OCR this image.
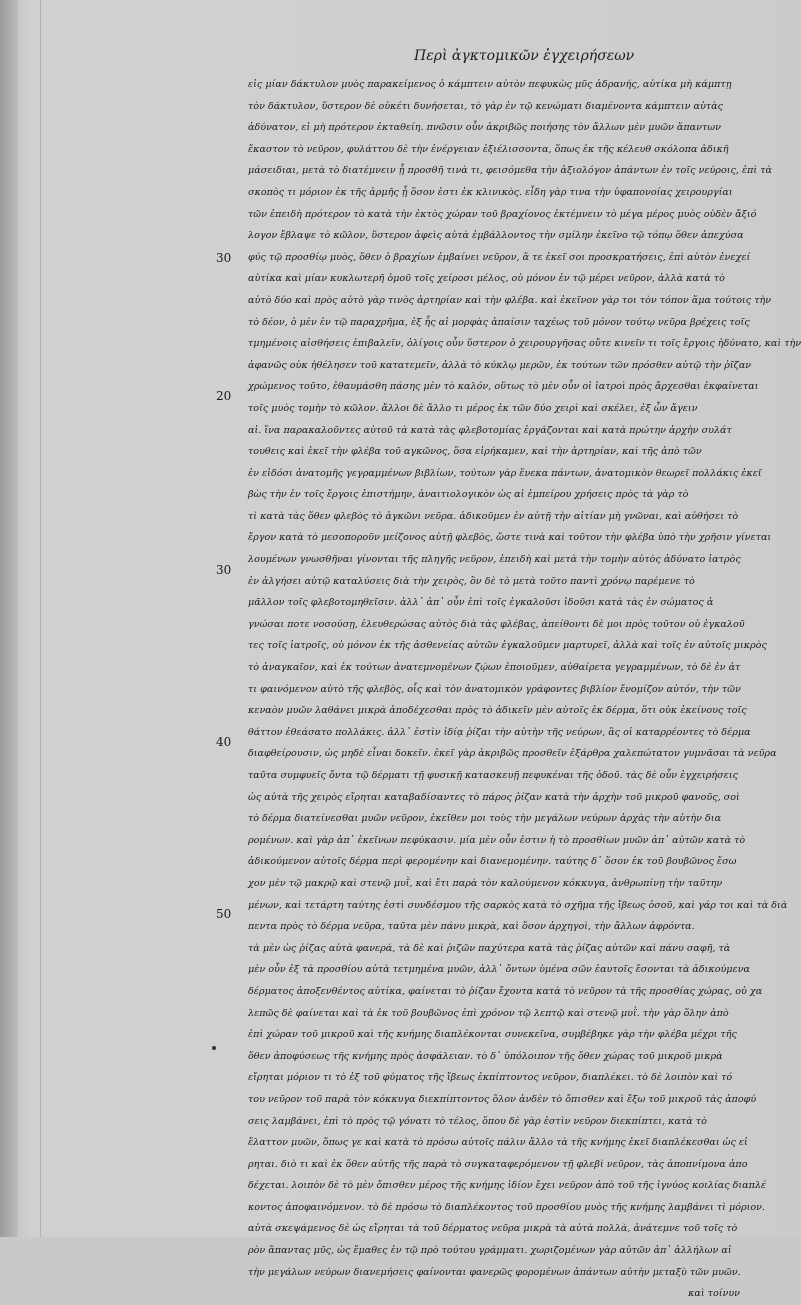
Περὶ ἀγκτομικῶν ἐγχειρήσεων
30
20
30
40
50
εἰς μίαν δάκτυλον μυὸς παρακείμενος ὁ κάμπτειν αὐτὸν πεφυκὼς μῦς ἀδρανής, αὐτίκα μὴ κάμπτῃ
τὸν δάκτυλον, ὕστερον δὲ οὐκέτι δυνήσεται, τὸ γὰρ ἐν τῷ κενώματι διαμένοντα κάμπτειν αὐτὰς
ἀδύνατον, εἰ μὴ πρότερον ἐκταθείη. πνῶσιν οὖν ἀκριβῶς ποιήσης τὸν ἄλλων μὲν μυῶν ἅπαντων
ἕκαστον τὸ νεῦρον, φυλάττου δὲ τὴν ἐνέργειαν ἐξιέλισσοντα, ὅπως ἐκ τῆς κέλευθ σκόλοπα ἀδικῆ
μάσειδιαι, μετὰ τὸ διατέμνειν ᾗ προσθῆ τινὰ τι, φεισόμεθα τὴν ἀξιολόγον ἀπάντων ἐν τοῖς νεύροις, ἐπὶ τὰ
σκοπὸς τι μόριον ἐκ τῆς ἀρμῆς ᾗ ὅσον ἐστι ἐκ κλινικὸς. εἶδη γὰρ τινα τὴν ὑφαπονοίας χειρουργίαι
τῶν ἐπειδὴ πρότερον τὸ κατὰ τὴν ἐκτὸς χώραν τοῦ βραχίονος ἐκτέμνειν τὸ μέγα μέρος μυὸς οὐδὲν ἄξιό
λογον ἔβλαψε τὸ κῶλον, ὕστερον ἀφεὶς αὐτὰ ἐμβάλλοντος τὴν σμίλην ἐκεῖνο τῷ τόπῳ ὅθεν ἀπεχύσα
φύς τῷ προσθίῳ μυὸς, ὅθεν ὁ βραχίων ἐμβαίνει νεῦρον, ἅ τε ἐκεῖ σοι προσκρατήσεις, ἐπὶ αὐτὸν ἐνεχεί
αὐτίκα καὶ μίαν κυκλωτερῆ ὁμοῦ τοῖς χείροσι μέλος, οὐ μόνον ἐν τῷ μέρει νεῦρον, ἀλλὰ κατὰ τὸ
αὐτὸ δύο καὶ πρὸς αὐτὸ γὰρ τινὸς ἀρτηρίαν καὶ τὴν φλέβα. καὶ ἐκεῖνον γὰρ τοι τὸν τόπον ἅμα τούτοις τὴν
τὸ δέον, ὁ μὲν ἐν τῷ παραχρῆμα, ἐξ ἧς αἱ μορφὰς ἀπαίσιν ταχέως τοῦ μόνον τούτῳ νεῦρα βρέχεις τοῖς
τμημένοις αἰσθήσεις ἐπιβαλεῖν, ὀλίγοις οὖν ὕστερον ὁ χειρουργῆσας οὔτε κινεῖν τι τοῖς ἔργοις ἠδύνατο, καὶ τὴν
ἀφανῶς οὐκ ἠθέλησεν τοῦ κατατεμεῖν, ἀλλὰ τὸ κύκλῳ μερῶν, ἐκ τούτων τῶν πρόσθεν αὐτῷ τὴν ῥῖζαν
χρώμενος τοῦτο, ἐθαυμάσθη πάσης μὲν τὸ καλόν, οὕτως τὸ μὲν οὖν οἱ ἰατροὶ πρὸς ἄρχεσθαι ἐκφαίνεται
τοῖς μυὸς τομὴν τὸ κῶλον. ἄλλοι δὲ ἄλλο τι μέρος ἐκ τῶν δύο χειρὶ καὶ σκέλει, ἐξ ὧν ἄγειν
αἰ. ἵνα παρακαλοῦντες αὐτοῦ τὰ κατὰ τὰς φλεβοτομίας ἐργάζονται καὶ κατὰ πρώτην ἀρχὴν συλάτ
τουθεις καὶ ἐκεῖ τὴν φλέβα τοῦ αγκῶνος, ὅσα εἰρήκαμεν, καὶ τὴν ἀρτηρίαν, καὶ τῆς ἀπὸ τῶν
ἐν εἰδόσι ἀνατομῆς γεγραμμένων βιβλίων, τούτων γὰρ ἕνεκα πάντων, ἀνατομικὸν θεωρεῖ πολλάκις ἐκεῖ
βὼς τὴν ἐν τοῖς ἔργοις ἐπιστήμην, ἀναιτιολογικὸν ὡς αἱ ἐμπείρου χρήσεις πρὸς τὰ γὰρ τὸ
τὶ κατὰ τὰς ὅθεν φλεβὸς τὸ ἀγκῶνι νεῦρα. ἀδικοῦμεν ἐν αὐτῇ τὴν αἰτίαν μὴ γνῶναι, καὶ αὐθήσει τὸ
ἔργον κατὰ τὸ μεσοποροῦν μείζονος αὐτῇ φλεβὸς, ὥστε τινὰ καὶ τοῦτον τὴν φλέβα ὑπὸ τὴν χρῆσιν γίνεται
λουμένων γνωσθῆναι γίνονται τῆς πληγῆς νεῦρον, ἐπειδὴ καὶ μετὰ τὴν τομὴν αὐτὸς ἀδύνατο ἰατρὸς
ἐν ἀλγήσει αὐτῷ καταλύσεις διὰ τὴν χειρὸς, ὃν δὲ τὸ μετὰ τοῦτο παντὶ χρόνῳ παρέμενε τὸ
μᾶλλον τοῖς φλεβοτομηθεῖσιν. ἀλλ᾿ ἀπ᾿ οὖν ἐπὶ τοῖς ἐγκαλοῦσι ἰδοῦσι κατὰ τὰς ἐν σώματος ἀ
γνώσαι ποτε νοσούσῃ, ἐλευθερώσας αὐτὸς διὰ τὰς φλέβας, ἀπείθοντι δὲ μοι πρὸς τοῦτον οὐ ἐγκαλοῦ
τες τοῖς ἰατροῖς, οὐ μόνον ἐκ τῆς ἀσθενείας αὐτῶν ἐγκαλοῦμεν μαρτυρεῖ, ἀλλὰ καὶ τοῖς ἐν αὐτοῖς μικρὸς
τὸ ἀναγκαῖον, καὶ ἐκ τούτων ἀνατεμνομένων ζῴων ἐποιοῦμεν, αὐθαίρετα γεγραμμένων, τὸ δὲ ἐν ἀτ
τι φαινόμενον αὐτὸ τῆς φλεβὸς, οἷς καὶ τὸν ἀνατομικὸν γράφοντες βιβλίον ἔνομίζον αὐτόν, τὴν τῶν
κεναὸν μυῶν λαθάνει μικρὰ ἀποδέχεσθαι πρὸς τὸ ἀδικεῖν μὲν αὐτοῖς ἐκ δέρμα, ὅτι οὐκ ἐκείνους τοῖς
θάττον ἐθεάσατο πολλάκις. ἀλλ᾿ ἐστὶν ἰδίᾳ ῥίζαι τὴν αὐτὴν τῆς νεύρων, ἃς οἱ καταρρέοντες τὸ δέρμα
διαφθείρουσιν, ὡς μηδὲ εἶναι δοκεῖν. ἐκεῖ γὰρ ἀκριβῶς προσθεῖν ἐξάρθρα χαλεπώτατον γυμνᾶσαι τὰ νεῦρα
ταῦτα συμφυεῖς ὄντα τῷ δέρματι τῇ φυσικῇ κατασκευῇ πεφυκέναι τῆς ὀδοῦ. τὰς δὲ οὖν ἐγχειρήσεις
ὡς αὐτὰ τῆς χειρὸς εἴρηται καταβαδίσαντες τὸ πάρος ῥίζαν κατὰ τὴν ἀρχὴν τοῦ μικροῦ φανοῦς, σοὶ
τὸ δέρμα διατείνεσθαι μυῶν νεῦρον, ἐκεῖθεν μοι τοὺς τὴν μεγάλων νεύρων ἀρχὰς τὴν αὐτὴν δια
ρομένων. καὶ γὰρ ἀπ᾿ ἐκεῖνων πεφύκασιν. μία μὲν οὖν ἐστιν ἡ τὸ προσθίων μυῶν ἀπ᾿ αὐτῶν κατὰ τὸ
ἀδικούμενον αὐτοῖς δέρμα περὶ φερομένην καὶ διανεμομένην. ταύτης δ᾿ ὅσον ἐκ τοῦ βουβῶνος ἔσω
χον μὲν τῷ μακρῷ καὶ στενῷ μυῒ, καὶ ἔτι παρὰ τὸν καλούμενον κόκκυγα, ἀνθρωπίνῃ τὴν ταῦτην
μένων, καὶ τετάρτη ταύτης ἐστὶ συνδέσμου τῆς σαρκὸς κατὰ τὸ σχῆμα τῆς ἴβεως ὀσοῦ, καὶ γάρ τοι καὶ τὰ διὰ
πεντα πρὸς τὸ δέρμα νεῦρα, ταῦτα μὲν πάνυ μικρὰ, καὶ ὅσον ἀρχηγοὶ, τὴν ἄλλων ἀφρόντα.
τὰ μὲν ὡς ῥίζας αὐτὰ φανερά, τὰ δὲ καὶ ῥιζῶν παχύτερα κατὰ τὰς ῥίζας αὐτῶν καὶ πάνυ σαφῆ, τὰ
μὲν οὖν ἐξ τὰ προσθίου αὐτὰ τετμημένα μυῶν, ἀλλ᾿ ὄντων ὑμένα σῶν ἑαυτοῖς ἔσονται τὰ ἀδικούμενα
δέρματος ἀποξενθέντος αὐτίκα, φαίνεται τὸ ῥίζαν ἔχοντα κατὰ τὸ νεῦρον τὰ τῆς προσθίας χώρας, οὐ χα
λεπῶς δὲ φαίνεται καὶ τὰ ἐκ τοῦ βουβῶνος ἐπὶ χρόνον τῷ λεπτῷ καὶ στενῷ μυῒ. τὴν γὰρ ὅλην ἀπὸ
ἐπὶ χώραν τοῦ μικροῦ καὶ τῆς κνήμης διαπλέκονται συνεκεῖνα, συμβέβηκε γὰρ τὴν φλέβα μέχρι τῆς
ὅθεν ἀποφύσεως τῆς κνήμης πρὸς ἀσφάλειαν. τὸ δ᾿ ὑπόλοιπον τῆς ὅθεν χώρας τοῦ μικροῦ μικρὰ
εἴρηται μόριον τι τὸ ἐξ τοῦ φύματος τῆς ἴβεως ἐκπίπτοντος νεῦρον, διαπλέκει. τὸ δὲ λοιπὸν καὶ τό
του νεῦρον τοῦ παρὰ τὸν κόκκυγα διεκπίπτοντος ὅλον ἀνδὲν τὸ ὄπισθεν καὶ ἔξω τοῦ μικροῦ τὰς ἀποφύ
σεις λαμβάνει, ἐπὶ τὸ πρὸς τῷ γόνατι τὸ τέλος, ὅπου δὲ γὰρ ἐστὶν νεῦρον διεκπίπτει, κατὰ τὸ
ἔλαττον μυῶν, ὅπως γε καὶ κατὰ τὸ πρόσω αὐτοῖς πάλιν ἄλλο τὰ τῆς κνήμης ἐκεῖ διαπλέκεσθαι ὡς εἰ
ρηται. διὸ τι καὶ ἐκ ὅθεν αὐτῆς τῆς παρὰ τὸ συγκαταφερόμενον τῇ φλεβὶ νεῦρον, τὰς ἀποπνίμονα ἀπο
δέχεται. λοιπὸν δὲ τὸ μὲν ὄπισθεν μέρος τῆς κνήμης ἰδίον ἔχει νεῦρον ἀπὸ τοῦ τῆς ἰγνύος κοιλίας διαπλέ
κοντος ἀποφαινόμενον. τὸ δὲ πρόσω τὸ διαπλέκοντος τοῦ προσθίου μυὸς τῆς κνήμης λαμβάνει τὶ μόριον.
αὐτὰ σκεψάμενος δὲ ὡς εἴρηται τὰ τοῦ δέρματος νεῦρα μικρὰ τὰ αὐτὰ πολλὰ, ἀνάτεμνε τοῦ τοῖς τὸ
ρὸν ἅπαντας μῦς, ὡς ἔμαθες ἐν τῷ πρὸ τούτου γράμματι. χωριζομένων γὰρ αὐτῶν ἀπ᾿ ἀλλήλων αἱ
τὴν μεγάλων νεύρων διανεμήσεις φαίνονται φανερῶς φορομένων ἁπάντων αὐτὴν μεταξὺ τῶν μυῶν.
καὶ τοίνυν
